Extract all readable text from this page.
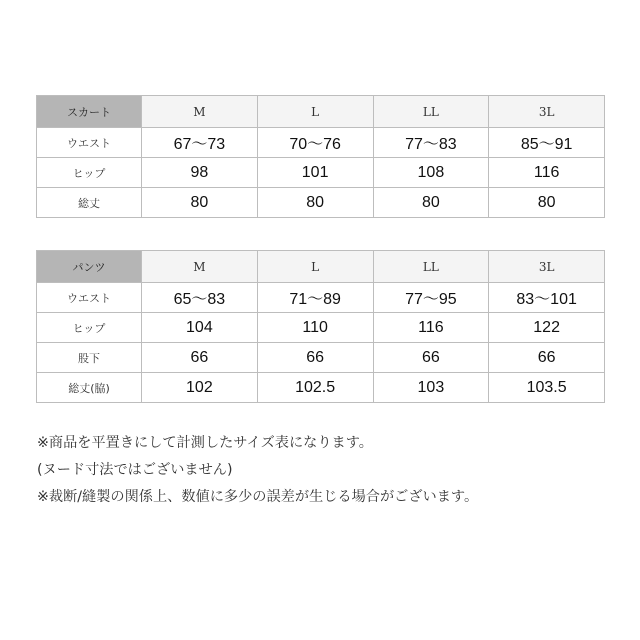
スカート	M	L	LL	3L
ウエスト	67～73	70～76	77～83	85～91
ヒップ	98	101	108	116
総丈	80	80	80	80
パンツ	M	L	LL	3L
ウエスト	65～83	71～89	77～95	83～101
ヒップ	104	110	116	122
股下	66	66	66	66
総丈(脇)	102	102.5	103	103.5
※商品を平置きにして計測したサイズ表になります。
(ヌード寸法ではございません)
※裁断/縫製の関係上、数値に多少の誤差が生じる場合がございます。
